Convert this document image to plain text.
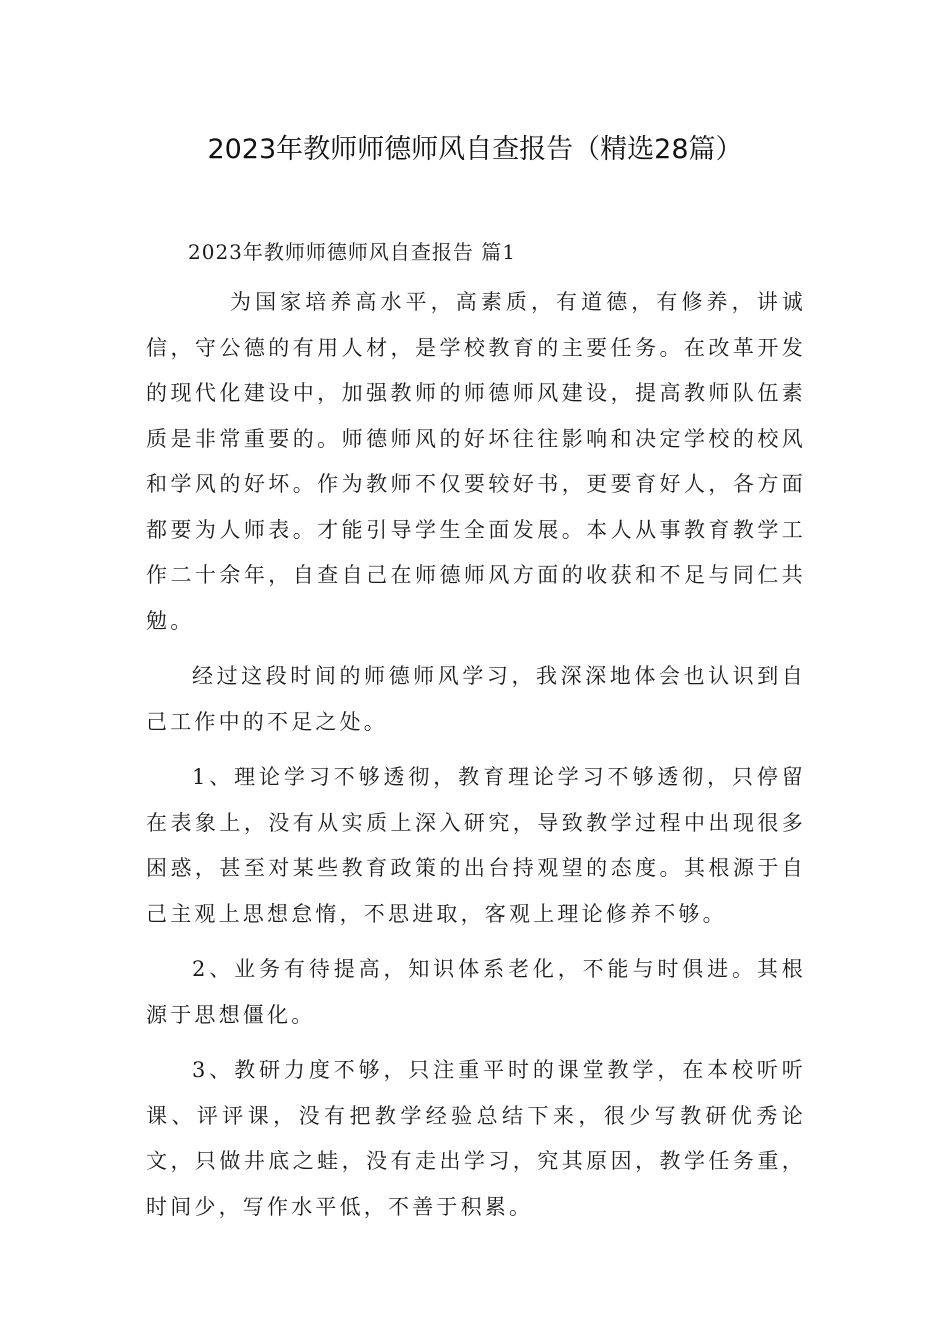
2023年教师师德师风自查报告（精选28篇）
2023年教师师德师风自查报告 篇1

为国家培养高水平，高素质，有道德，有修养，讲诚信，守公德的有用人材，是学校教育的主要任务。在改革开发的现代化建设中，加强教师的师德师风建设，提高教师队伍素质是非常重要的。师德师风的好坏往往影响和决定学校的校风和学风的好坏。作为教师不仅要较好书，更要育好人，各方面都要为人师表。才能引导学生全面发展。本人从事教育教学工作二十余年，自查自己在师德师风方面的收获和不足与同仁共勉。

经过这段时间的师德师风学习，我深深地体会也认识到自己工作中的不足之处。

1、理论学习不够透彻，教育理论学习不够透彻，只停留在表象上，没有从实质上深入研究，导致教学过程中出现很多困惑，甚至对某些教育政策的出台持观望的态度。其根源于自己主观上思想怠惰，不思进取，客观上理论修养不够。

2、业务有待提高，知识体系老化，不能与时俱进。其根源于思想僵化。

3、教研力度不够，只注重平时的课堂教学，在本校听听课、评评课，没有把教学经验总结下来，很少写教研优秀论文，只做井底之蛙，没有走出学习，究其原因，教学任务重，时间少，写作水平低，不善于积累。
